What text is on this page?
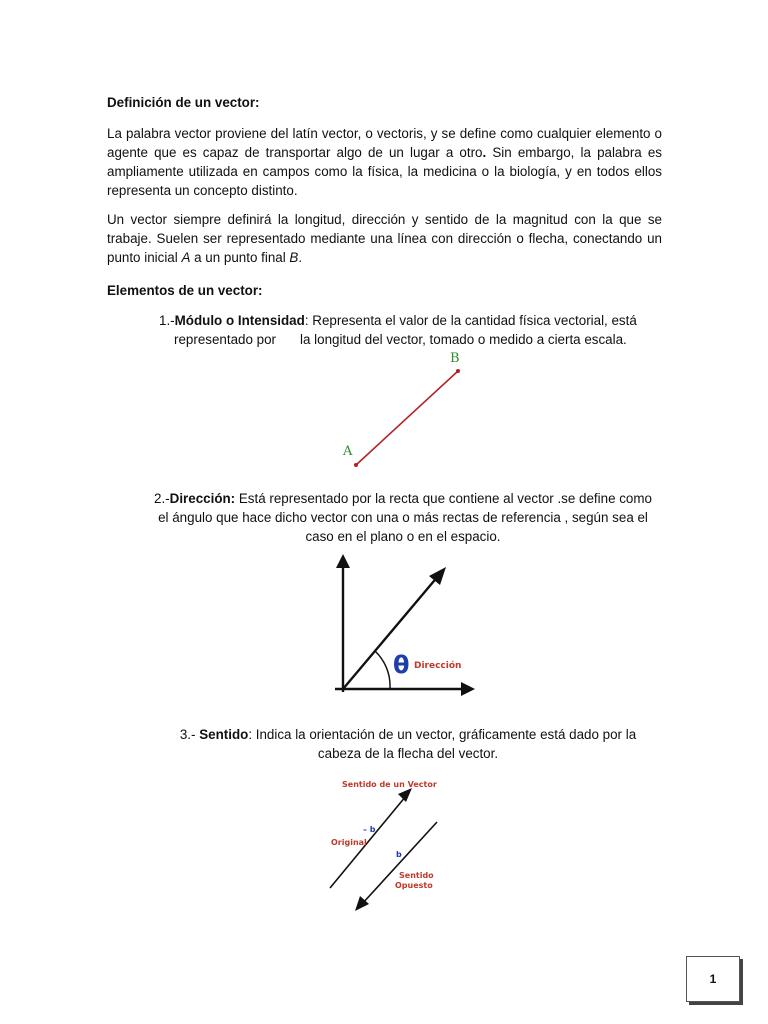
Definición de un vector:

La palabra vector proviene del latín vector, o vectoris, y se define como cualquier elemento o agente que es capaz de transportar algo de un lugar a otro. Sin embargo, la palabra es ampliamente utilizada en campos como la física, la medicina o la biología, y en todos ellos representa un concepto distinto.

Un vector siempre definirá la longitud, dirección y sentido de la magnitud con la que se trabaje. Suelen ser representado mediante una línea con dirección o flecha, conectando un punto inicial A a un punto final B.

Elementos de un vector:
1.-Módulo o Intensidad: Representa el valor de la cantidad física vectorial, está
representado por la longitud del vector, tomado o medido a cierta escala.
A
B
2.-Dirección: Está representado por la recta que contiene al vector .se define como el ángulo que hace dicho vector con una o más rectas de referencia , según sea el caso en el plano o en el espacio.
θ Dirección
3.- Sentido: Indica la orientación de un vector, gráficamente está dado por la cabeza de la flecha del vector.
Sentido de un Vector
Original
– b
b
Sentido
Opuesto
1
